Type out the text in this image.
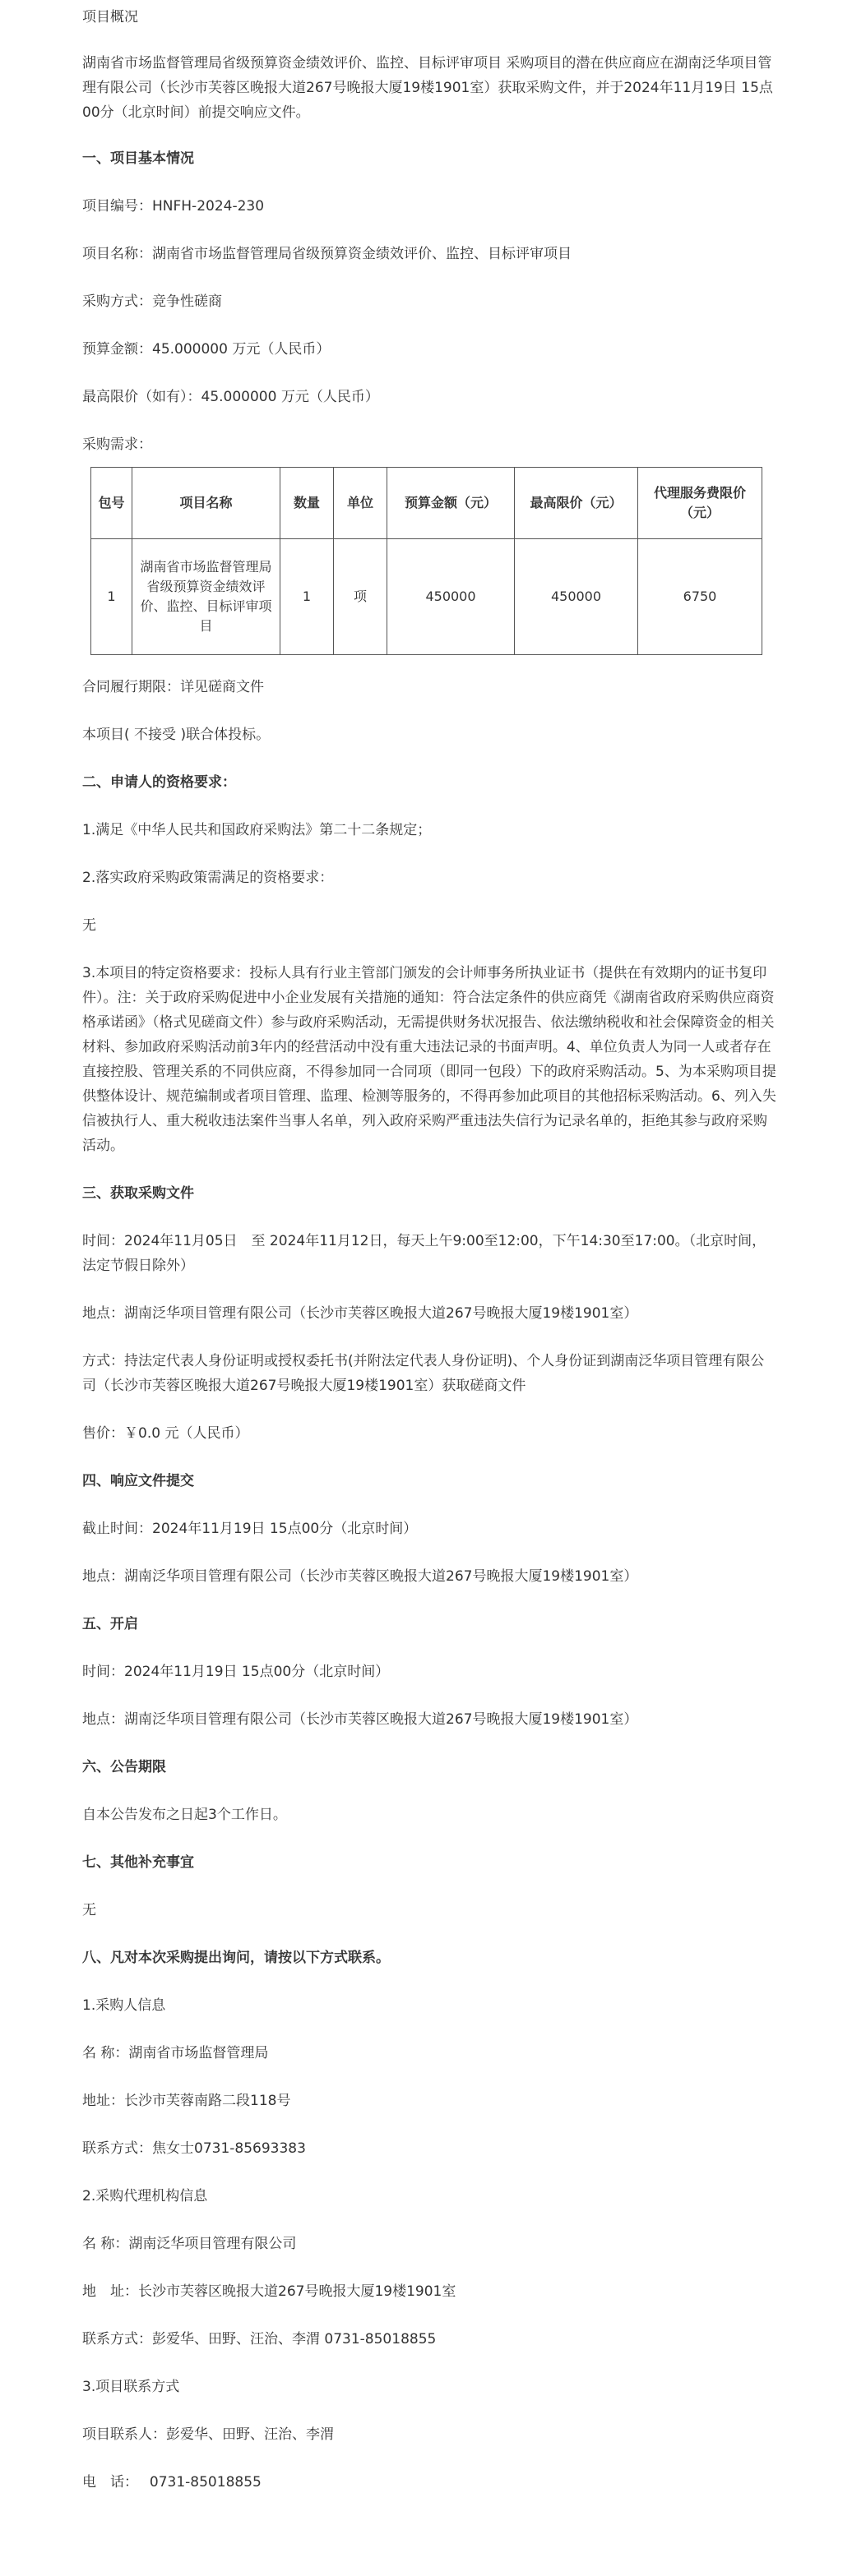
项目概况

湖南省市场监督管理局省级预算资金绩效评价、监控、目标评审项目 采购项目的潜在供应商应在湖南泛华项目管理有限公司（长沙市芙蓉区晚报大道267号晚报大厦19楼1901室）获取采购文件，并于2024年11月19日 15点00分（北京时间）前提交响应文件。

一、项目基本情况

项目编号：HNFH-2024-230

项目名称：湖南省市场监督管理局省级预算资金绩效评价、监控、目标评审项目

采购方式：竞争性磋商

预算金额：45.000000 万元（人民币）

最高限价（如有）：45.000000 万元（人民币）

采购需求：

包号	项目名称	数量	单位	预算金额（元）	最高限价（元）	代理服务费限价（元）
1	湖南省市场监督管理局省级预算资金绩效评价、监控、目标评审项目	1	项	450000	450000	6750

合同履行期限：详见磋商文件

本项目( 不接受 )联合体投标。

二、申请人的资格要求：

1.满足《中华人民共和国政府采购法》第二十二条规定；

2.落实政府采购政策需满足的资格要求：

无

3.本项目的特定资格要求：投标人具有行业主管部门颁发的会计师事务所执业证书（提供在有效期内的证书复印件）。注：关于政府采购促进中小企业发展有关措施的通知：符合法定条件的供应商凭《湖南省政府采购供应商资格承诺函》（格式见磋商文件）参与政府采购活动，无需提供财务状况报告、依法缴纳税收和社会保障资金的相关材料、参加政府采购活动前3年内的经营活动中没有重大违法记录的书面声明。4、单位负责人为同一人或者存在直接控股、管理关系的不同供应商，不得参加同一合同项（即同一包段）下的政府采购活动。5、为本采购项目提供整体设计、规范编制或者项目管理、监理、检测等服务的，不得再参加此项目的其他招标采购活动。6、列入失信被执行人、重大税收违法案件当事人名单，列入政府采购严重违法失信行为记录名单的，拒绝其参与政府采购活动。

三、获取采购文件

时间：2024年11月05日　至 2024年11月12日，每天上午9:00至12:00，下午14:30至17:00。（北京时间，法定节假日除外）

地点：湖南泛华项目管理有限公司（长沙市芙蓉区晚报大道267号晚报大厦19楼1901室）

方式：持法定代表人身份证明或授权委托书(并附法定代表人身份证明)、个人身份证到湖南泛华项目管理有限公司（长沙市芙蓉区晚报大道267号晚报大厦19楼1901室）获取磋商文件

售价：￥0.0 元（人民币）

四、响应文件提交

截止时间：2024年11月19日 15点00分（北京时间）

地点：湖南泛华项目管理有限公司（长沙市芙蓉区晚报大道267号晚报大厦19楼1901室）

五、开启

时间：2024年11月19日 15点00分（北京时间）

地点：湖南泛华项目管理有限公司（长沙市芙蓉区晚报大道267号晚报大厦19楼1901室）

六、公告期限

自本公告发布之日起3个工作日。

七、其他补充事宜

无

八、凡对本次采购提出询问，请按以下方式联系。

1.采购人信息

名 称：湖南省市场监督管理局

地址：长沙市芙蓉南路二段118号

联系方式：焦女士0731-85693383

2.采购代理机构信息

名 称：湖南泛华项目管理有限公司

地　址：长沙市芙蓉区晚报大道267号晚报大厦19楼1901室

联系方式：彭爱华、田野、汪治、李渭 0731-85018855

3.项目联系方式

项目联系人：彭爱华、田野、汪治、李渭

电　话：　 0731-85018855
